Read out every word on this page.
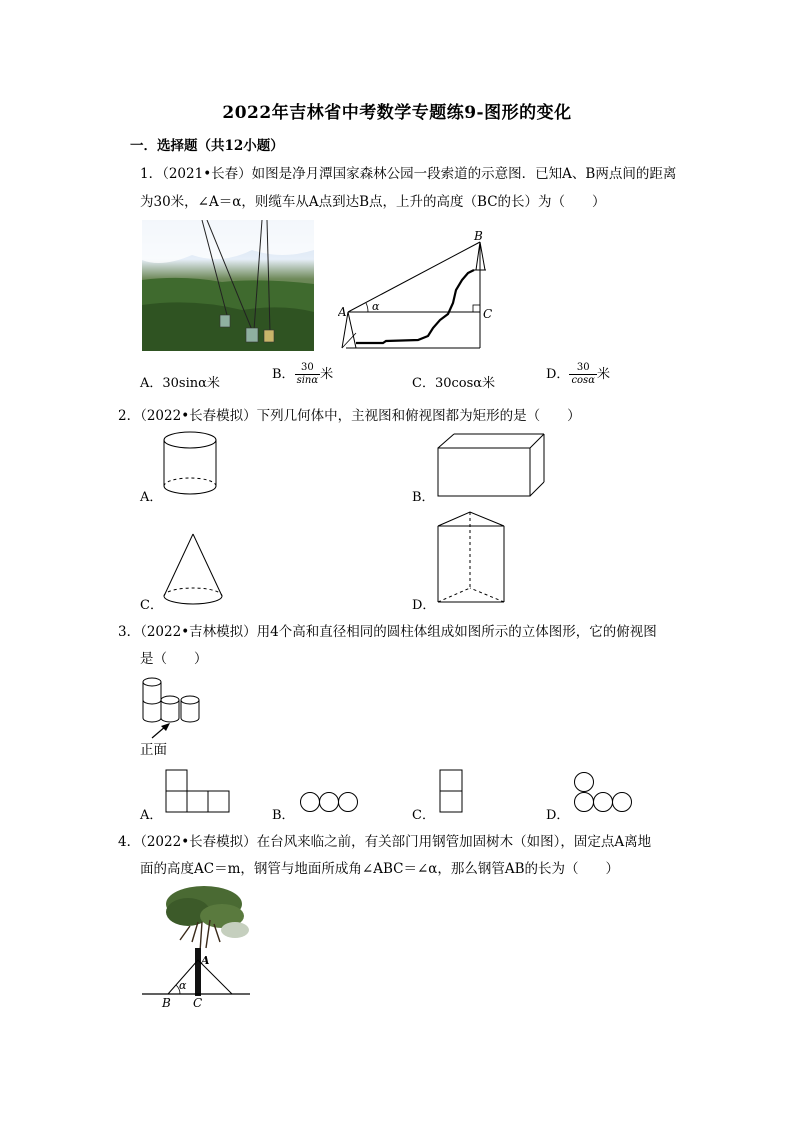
2022年吉林省中考数学专题练9-图形的变化
一．选择题（共12小题）
1．（2021•长春）如图是净月潭国家森林公园一段索道的示意图．已知A、B两点间的距离
为30米，∠A＝α，则缆车从A点到达B点，上升的高度（BC的长）为（　　）
A
B
C
α
A．30sinα米
B． $\frac{30}{\sin\alpha}$ 米
C．30cosα米
D． $\frac{30}{\cos\alpha}$ 米
2．（2022•长春模拟）下列几何体中，主视图和俯视图都为矩形的是（　　）
A．	B．
C．	D．
3．（2022•吉林模拟）用4个高和直径相同的圆柱体组成如图所示的立体图形，它的俯视图
是（　　）
正面
A．	B．	C．	D．
4．（2022•长春模拟）在台风来临之前，有关部门用钢管加固树木（如图），固定点A离地
面的高度AC＝m，钢管与地面所成角∠ABC＝∠α，那么钢管AB的长为（　　）
A
B C
α
